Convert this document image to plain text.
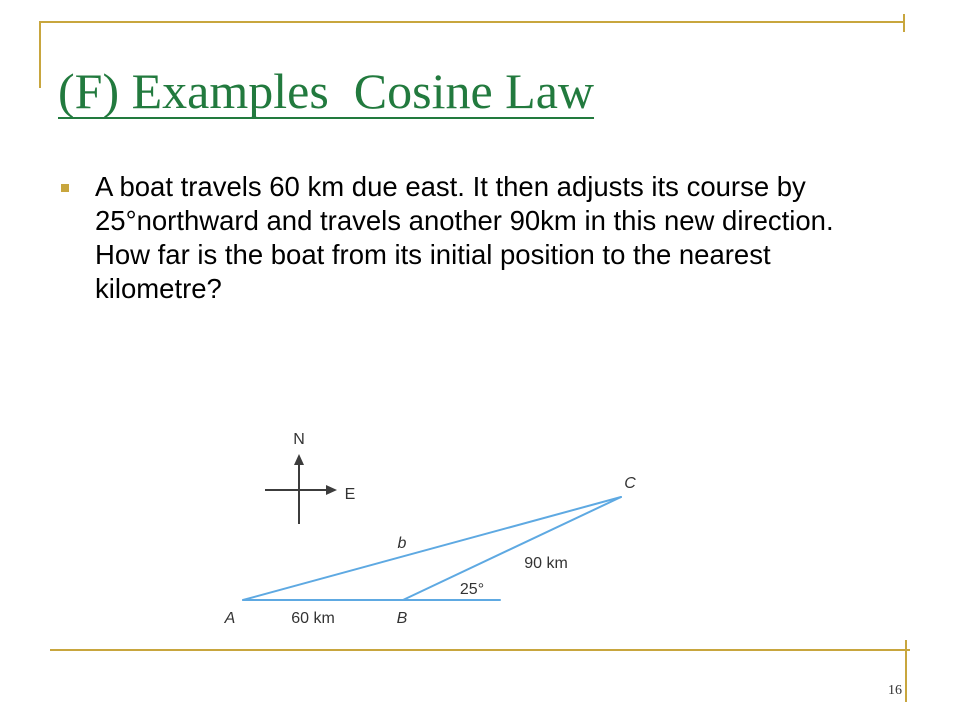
(F) Examples  Cosine Law
A boat travels 60 km due east. It then adjusts its course by 25°northward and travels another 90km in this new direction. How far is the boat from its initial position to the nearest kilometre?
N
E
C
b
90 km
25°
A	60 km	B
16
